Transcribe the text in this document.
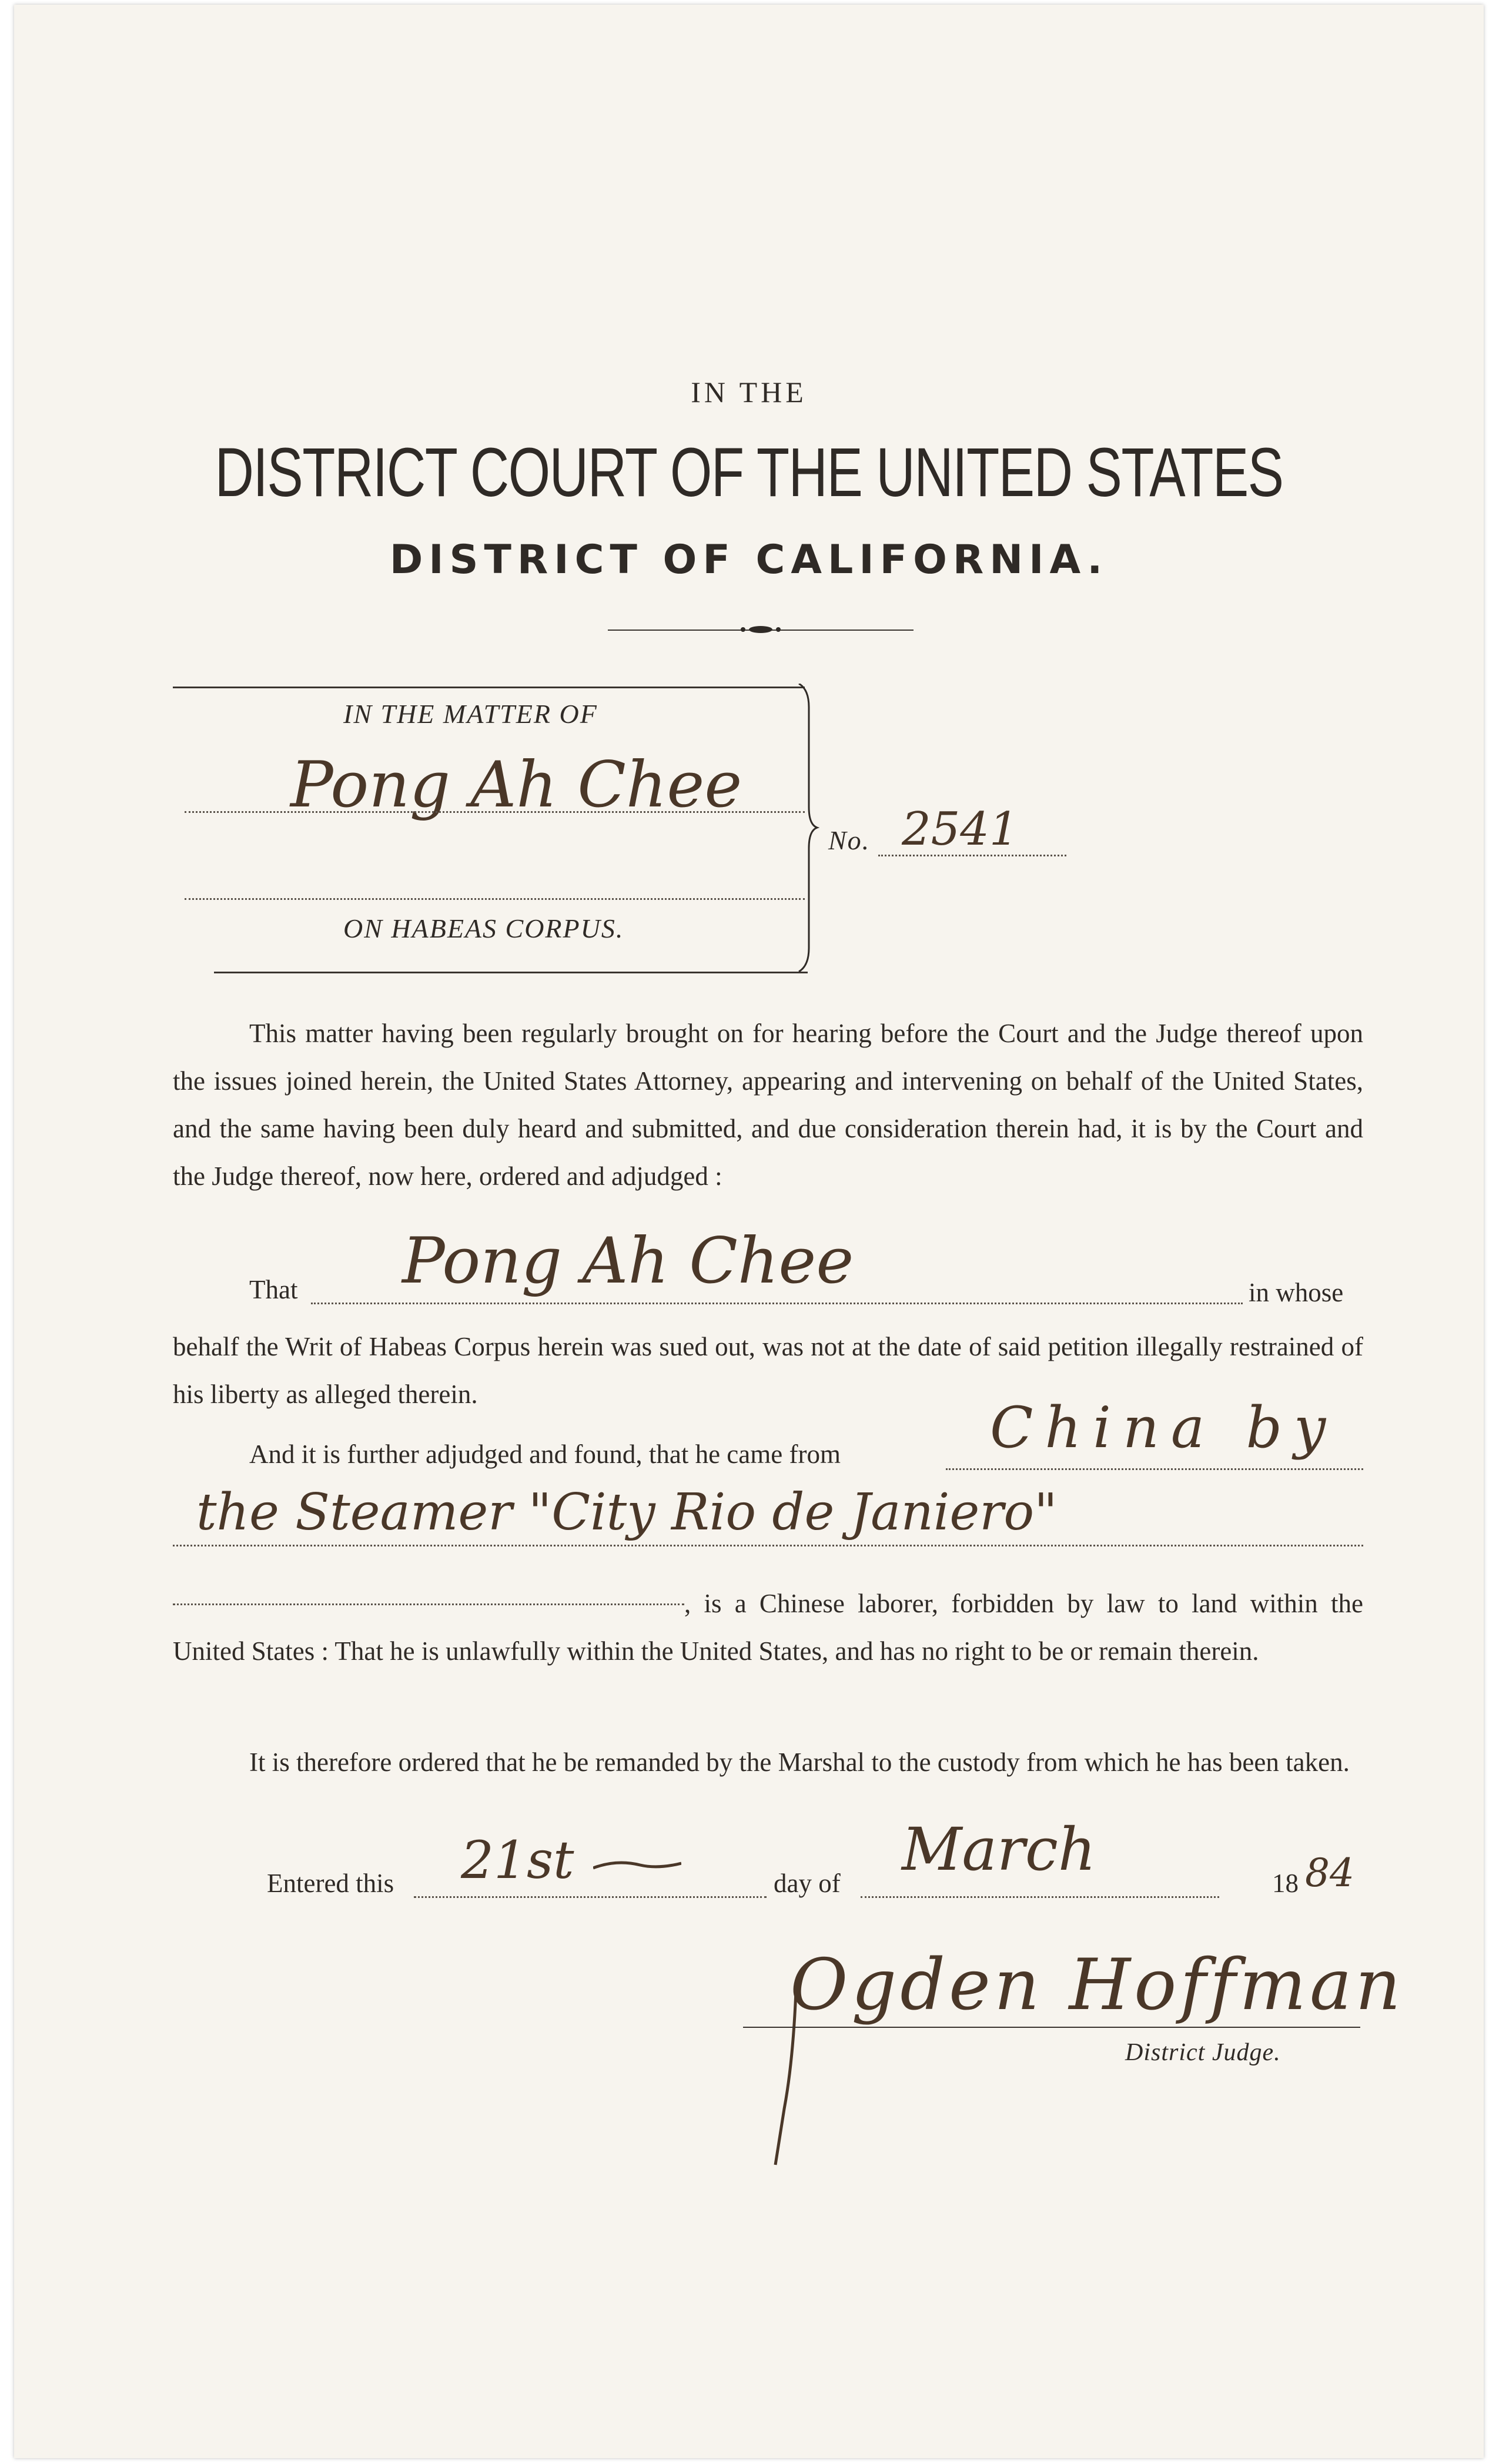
IN THE
DISTRICT COURT OF THE UNITED STATES
DISTRICT OF CALIFORNIA.
IN THE MATTER OF
Pong Ah Chee
ON HABEAS CORPUS.
No. 2541
This matter having been regularly brought on for hearing before the Court and the Judge thereof upon the issues joined herein, the United States Attorney, appearing and intervening on behalf of the United States, and the same having been duly heard and submitted, and due consideration therein had, it is by the Court and the Judge thereof, now here, ordered and adjudged :
That Pong Ah Chee	in whose
behalf the Writ of Habeas Corpus herein was sued out, was not at the date of said petition illegally restrained of his liberty as alleged therein.
And it is further adjudged and found, that he came from	China by
the Steamer "City Rio de Janiero"
, is a Chinese laborer, forbidden by law to land within the United States : That he is unlawfully within the United States, and has no right to be or remain therein.
It is therefore ordered that he be remanded by the Marshal to the custody from which he has been taken.
Entered this 21st	day of March	18 84
Ogden Hoffman
District Judge.
